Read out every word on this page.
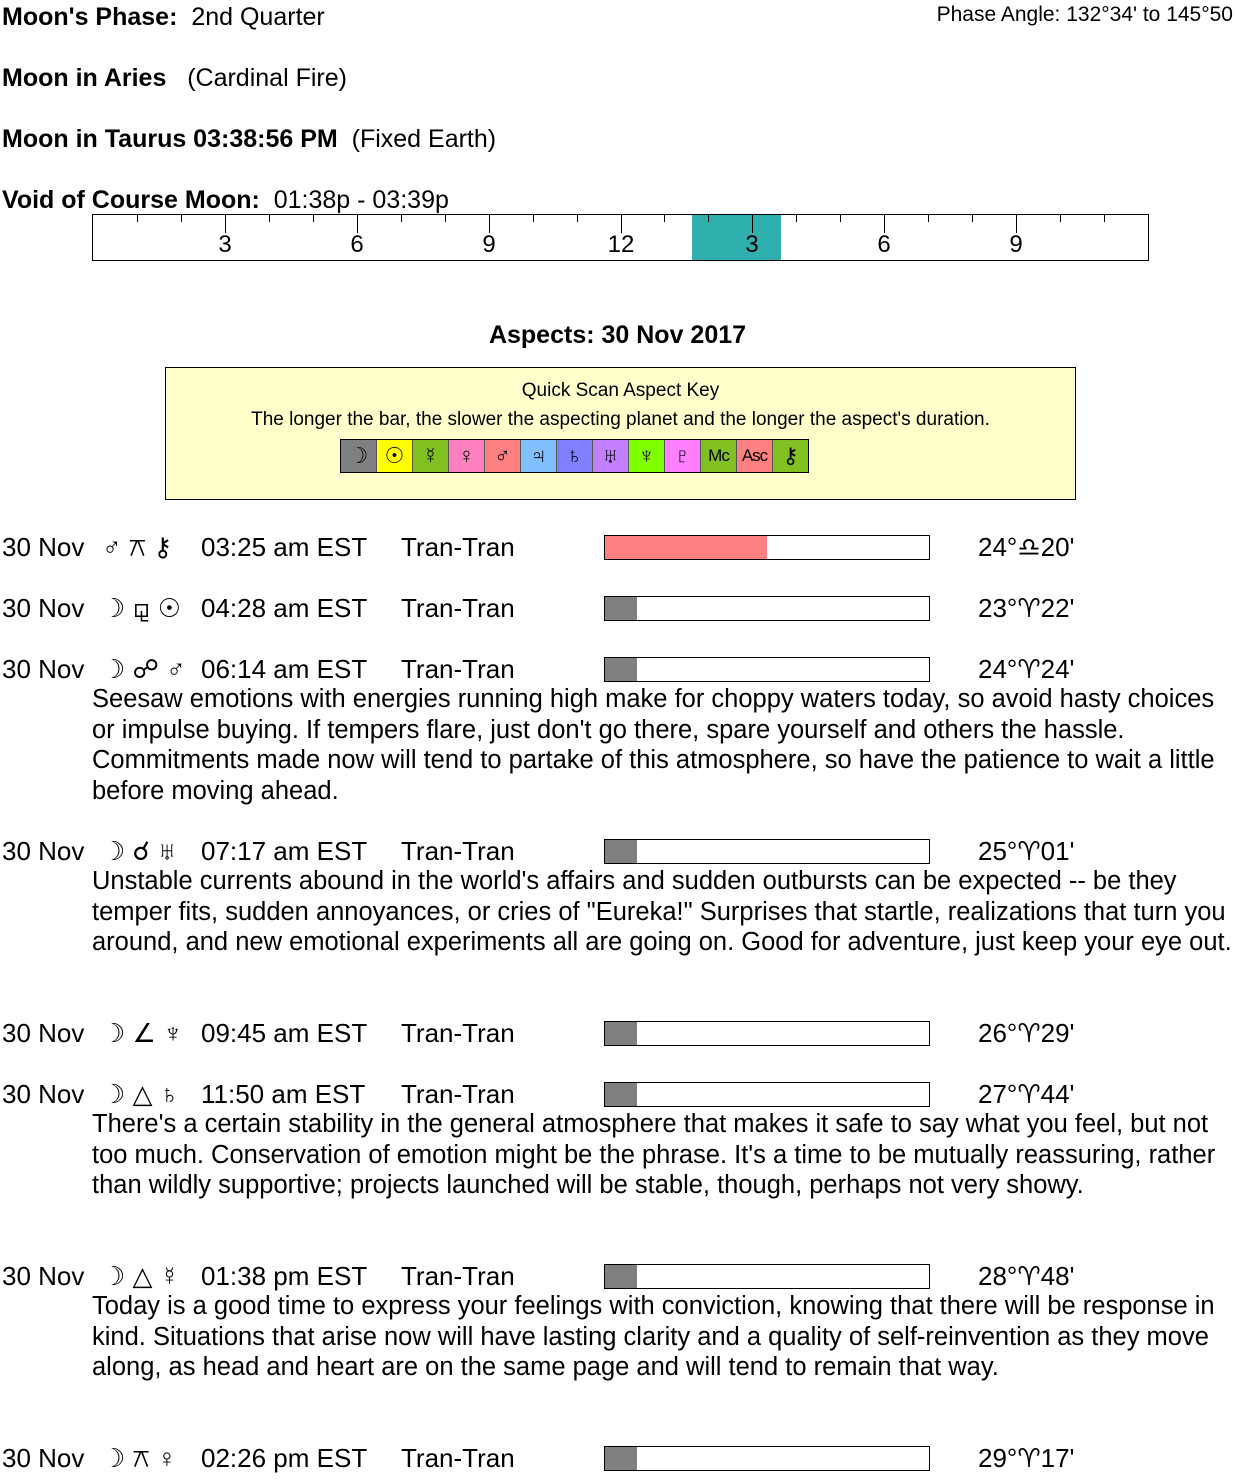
Moon's Phase: 2nd Quarter	Phase Angle: 132°34' to 145°50
Moon in Aries (Cardinal Fire)
Moon in Taurus 03:38:56 PM (Fixed Earth)
Void of Course Moon: 01:38p - 03:39p
3	6	9	12	3	6	9
Aspects: 30 Nov 2017
Quick Scan Aspect Key
The longer the bar, the slower the aspecting planet and the longer the aspect's duration.
☽ ☉ ☿ ♀ ♂ ♃ ♄ ♅ ♆ ♇	Mc Asc ⚷
30 Nov ♂ ⚻ ⚷ 03:25 am EST Tran-Tran	24°♎20'
30 Nov ☽ ⚼ ☉ 04:28 am EST Tran-Tran	23°♈22'
30 Nov ☽ ☍ ♂ 06:14 am EST Tran-Tran	24°♈24'
Seesaw emotions with energies running high make for choppy waters today, so avoid hasty choices or impulse buying. If tempers flare, just don't go there, spare yourself and others the hassle. Commitments made now will tend to partake of this atmosphere, so have the patience to wait a little before moving ahead.
30 Nov ☽ ☌ ♅ 07:17 am EST Tran-Tran	25°♈01'
Unstable currents abound in the world's affairs and sudden outbursts can be expected -- be they temper fits, sudden annoyances, or cries of "Eureka!" Surprises that startle, realizations that turn you around, and new emotional experiments all are going on. Good for adventure, just keep your eye out.
30 Nov ☽ ∠ ♆ 09:45 am EST Tran-Tran	26°♈29'
30 Nov ☽ △ ♄ 11:50 am EST Tran-Tran	27°♈44'
There's a certain stability in the general atmosphere that makes it safe to say what you feel, but not too much. Conservation of emotion might be the phrase. It's a time to be mutually reassuring, rather than wildly supportive; projects launched will be stable, though, perhaps not very showy.
30 Nov ☽ △ ☿ 01:38 pm EST Tran-Tran	28°♈48'
Today is a good time to express your feelings with conviction, knowing that there will be response in kind. Situations that arise now will have lasting clarity and a quality of self-reinvention as they move along, as head and heart are on the same page and will tend to remain that way.
30 Nov ☽ ⚻ ♀ 02:26 pm EST Tran-Tran	29°♈17'
